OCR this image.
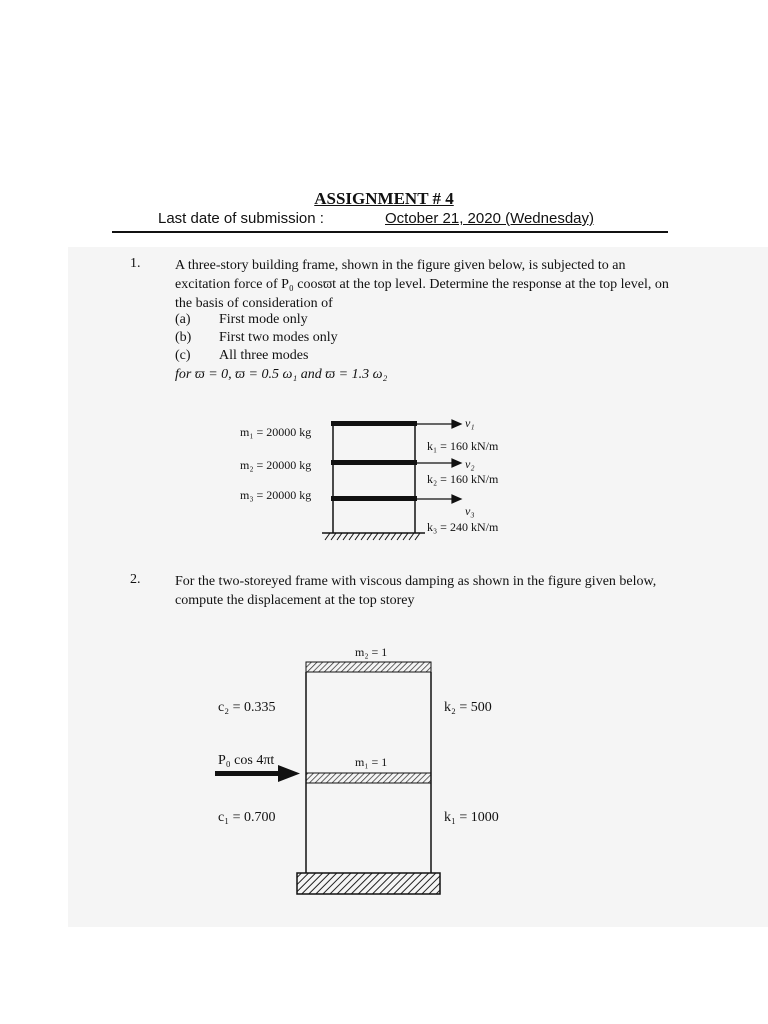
ASSIGNMENT # 4
Last date of submission :	October 21, 2020 (Wednesday)
1. A three-story building frame, shown in the figure given below, is subjected to an excitation force of P₀ coosϖt at the top level. Determine the response at the top level, on the basis of consideration of

(a) First mode only
(b) First two modes only
(c) All three modes
for ϖ = 0, ϖ = 0.5 ω₁ and ϖ = 1.3 ω₂
m₁ = 20000 kg
m₂ = 20000 kg
m₃ = 20000 kg
v₁
v₂
v₃
k₁ = 160 kN/m
k₂ = 160 kN/m
k₃ = 240 kN/m
2. For the two-storeyed frame with viscous damping as shown in the figure given below, compute the displacement at the top storey

m₂ = 1
m₁ = 1
c₂ = 0.335
c₁ = 0.700
k₂ = 500
k₁ = 1000
P₀ cos 4πt
